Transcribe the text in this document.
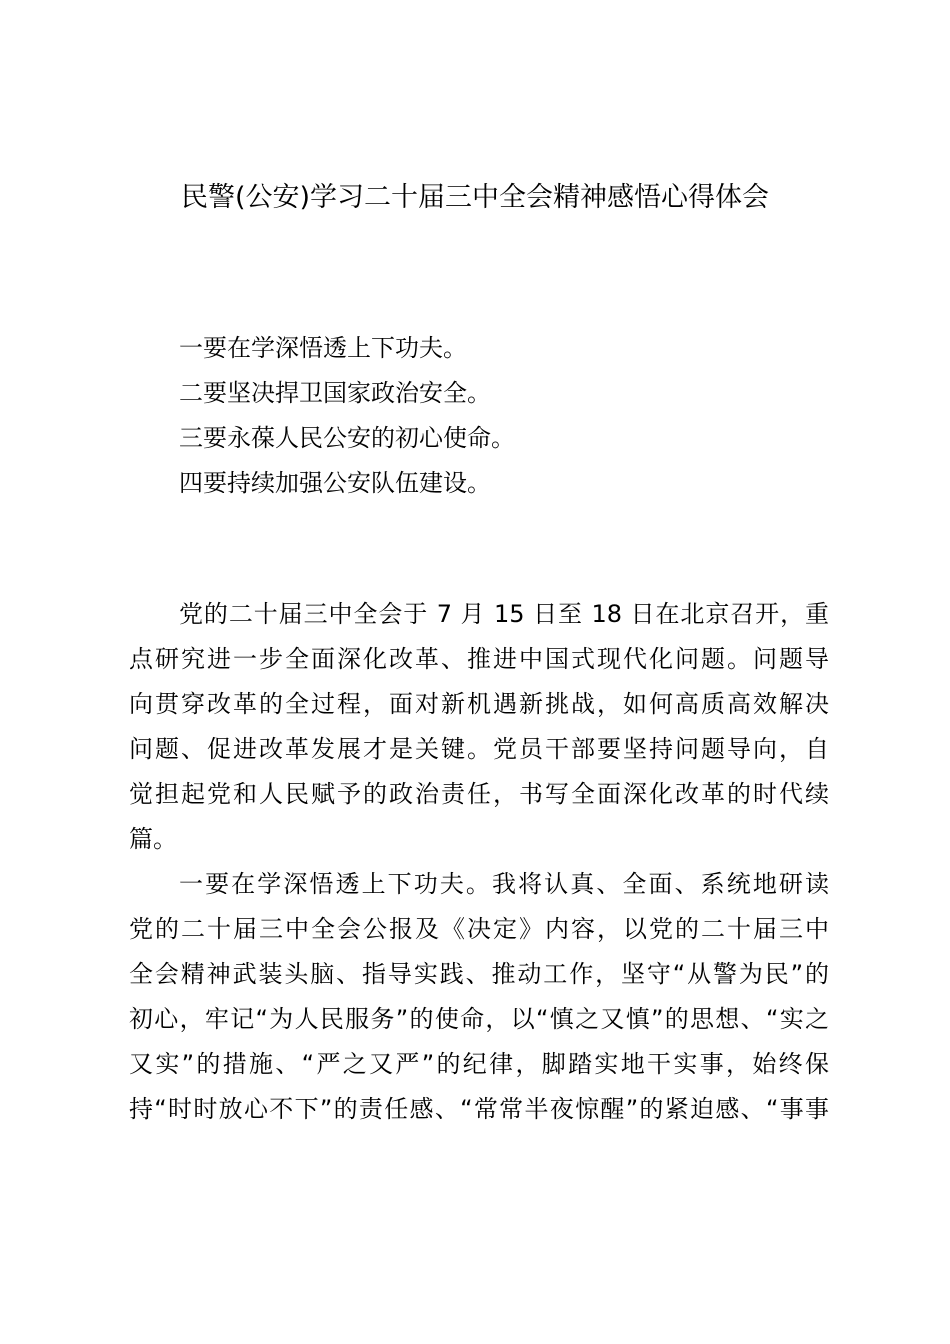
民警(公安)学习二十届三中全会精神感悟心得体会
一要在学深悟透上下功夫。
二要坚决捍卫国家政治安全。
三要永葆人民公安的初心使命。
四要持续加强公安队伍建设。

党的二十届三中全会于 7 月 15 日至 18 日在北京召开，重
点研究进一步全面深化改革、推进中国式现代化问题。问题导
向贯穿改革的全过程，面对新机遇新挑战，如何高质高效解决
问题、促进改革发展才是关键。党员干部要坚持问题导向，自
觉担起党和人民赋予的政治责任，书写全面深化改革的时代续
篇。

一要在学深悟透上下功夫。我将认真、全面、系统地研读
党的二十届三中全会公报及《决定》内容，以党的二十届三中
全会精神武装头脑、指导实践、推动工作，坚守“从警为民”的
初心，牢记“为人民服务”的使命，以“慎之又慎”的思想、“实之
又实”的措施、“严之又严”的纪律，脚踏实地干实事，始终保
持“时时放心不下”的责任感、“常常半夜惊醒”的紧迫感、“事事
